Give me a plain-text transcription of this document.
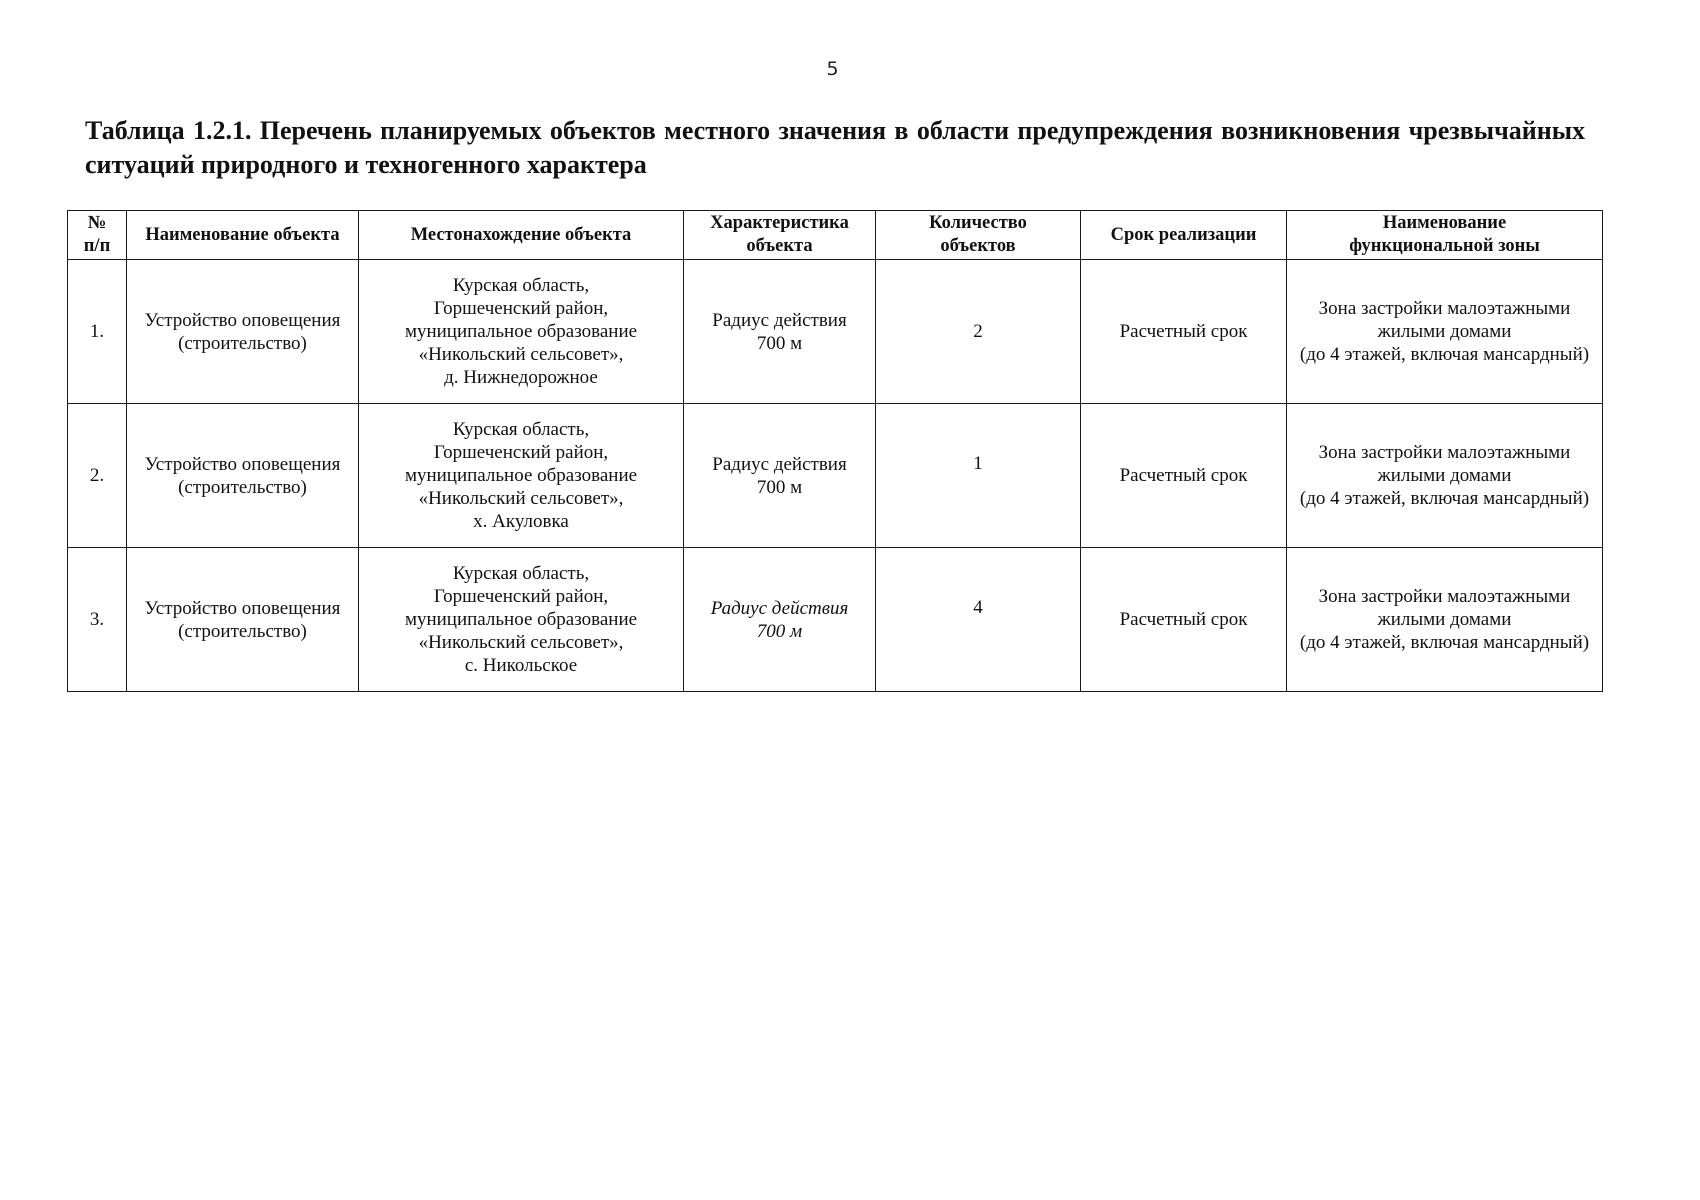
5
Таблица 1.2.1. Перечень планируемых объектов местного значения в области предупреждения возникновения чрезвычайных ситуаций природного и техногенного характера
№
п/п	Наименование объекта	Местонахождение объекта	Характеристика
объекта	Количество
объектов	Срок реализации	Наименование
функциональной зоны

1.	Устройство оповещения
(строительство)	Курская область,
Горшеченский район,
муниципальное образование
«Никольский сельсовет»,
д. Нижнедорожное	Радиус действия
700 м	2	Расчетный срок	Зона застройки малоэтажными
жилыми домами
(до 4 этажей, включая мансардный)

2.	Устройство оповещения
(строительство)	Курская область,
Горшеченский район,
муниципальное образование
«Никольский сельсовет»,
х. Акуловка	Радиус действия
700 м	1	Расчетный срок	Зона застройки малоэтажными
жилыми домами
(до 4 этажей, включая мансардный)

3.	Устройство оповещения
(строительство)	Курская область,
Горшеченский район,
муниципальное образование
«Никольский сельсовет»,
с. Никольское	Радиус действия
700 м	4	Расчетный срок	Зона застройки малоэтажными
жилыми домами
(до 4 этажей, включая мансардный)
